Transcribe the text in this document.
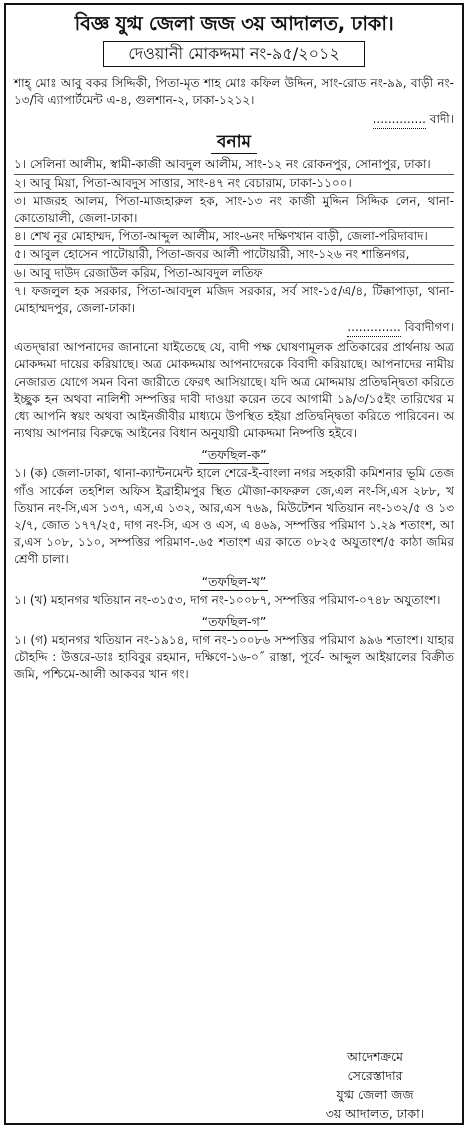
বিজ্ঞ যুগ্ম জেলা জজ ৩য় আদালত, ঢাকা।
দেওয়ানী মোকদ্দমা নং-৯৫/২০১২
শাহ্ মোঃ আবু বকর সিদ্দিকী, পিতা-মৃত শাহ মোঃ কফিল উদ্দিন, সাং-রোড নং-৯৯, বাড়ী নং-১৩/বি এ্যাপার্টমেন্ট এ-৪, গুলশান-২, ঢাকা-১২১২।
.............. বাদী।
বনাম
১। সেলিনা আলীম, স্বামী-কাজী আবদুল আলীম, সাং-১২ নং রোকনপুর, সোনাপুর, ঢাকা।
২। আবু মিয়া, পিতা-আবদুস সাত্তার, সাং-৪৭ নং বেচারাম, ঢাকা-১১০০।
৩। মাজরহ আলম, পিতা-মাজহারুল হক, সাং-১৩ নং কাজী মুদ্দিন সিদ্দিক লেন, থানা-কোতোয়ালী, জেলা-ঢাকা।
৪। শেখ নূর মোহাম্মদ, পিতা-আব্দুল আলীম, সাং-৬নং দক্ষিণখান বাড়ী, জেলা-পরিদাবাদ।
৫। আবুল হোসেন পাটোয়ারী, পিতা-জবর আলী পাটোয়ারী, সাং-১২৬ নং শান্তিনগর,
৬। আবু দাউদ রেজাউল করিম, পিতা-আবদুল লতিফ
৭। ফজলুল হক সরকার, পিতা-আবদুল মজিদ সরকার, সর্ব সাং-১৫/এ/৪, টিক্কাপাড়া, থানা-মোহাম্মদপুর, জেলা-ঢাকা।
.............. বিবাদীগণ।
এতদ্দ্বারা আপনাদের জানানো যাইতেছে যে, বাদী পক্ষ ঘোষণামূলক প্রতিকারের প্রার্থনায় অত্র মোকদ্দমা দায়ের করিয়াছে। অত্র মোকদ্দমায় আপনাদেরকে বিবাদী করিয়াছে। আপনাদের নামীয় নেজারত যোগে সমন বিনা জারীতে ফেরৎ আসিয়াছে। যদি অত্র মোদ্দমায় প্রতিদ্বন্দ্বিতা করিতে ইচ্ছুক হন অথবা নালিশী সম্পত্তির দাবী দাওয়া করেন তবে আগামী ১৯/৩/১৫ইং তারিখের মধ্যে আপনি স্বয়ং অথবা আইনজীবীর মাধ্যমে উপস্থিত হইয়া প্রতিদ্বন্দ্বিতা করিতে পারিবেন। অন্যথায় আপনার বিরুদ্ধে আইনের বিধান অনুযায়ী মোকদ্দমা নিষ্পত্তি হইবে।
“তফছিল-ক”
১। (ক) জেলা-ঢাকা, থানা-ক্যান্টনমেন্ট হালে শেরে-ই-বাংলা নগর সহকারী কমিশনার ভূমি তেজগাঁও সার্কেল তহশিল অফিস ইব্রাহীমপুর স্থিত মৌজা-কাফরুল জে,এল নং-সি,এস ২৮৮, খতিয়ান নং-সি,এস ১৩৭, এস,এ ১৩২, আর,এস ৭৬৯, মিউটেশন খতিয়ান নং-১৩২/৫ ও ১৩২/৭, জোত ১৭৭/২৫, দাগ নং-সি, এস ও এস, এ ৪৬৯, সম্পত্তির পরিমাণ ১.২৯ শতাংশ, আর,এস ১০৮, ১১০, সম্পত্তির পরিমাণ-.৬৫ শতাংশ এর কাতে ০৮২৫ অযুতাংশ/৫ কাঠা জমির শ্রেণী চালা।
“তফছিল-খ”
১। (খ) মহানগর খতিয়ান নং-৩১৫৩, দাগ নং-১০০৮৭, সম্পত্তির পরিমাণ-০৭৪৮ অযুতাংশ।
“তফছিল-গ”
১। (গ) মহানগর খতিয়ান নং-১৯১৪, দাগ নং-১০০৮৬ সম্পত্তির পরিমাণ ৯৯৬ শতাংশ। যাহার চৌহদ্দি : উত্তরে-ডাঃ হাবিবুর রহমান, দক্ষিণে-১৬-০˝ রাস্তা, পূর্বে- আব্দুল আইয়ালের বিক্রীত জমি, পশ্চিমে-আলী আকবর খান গং।
আদেশক্রমে
সেরেস্তাদার
যুগ্ম জেলা জজ
৩য় আদালত, ঢাকা।
